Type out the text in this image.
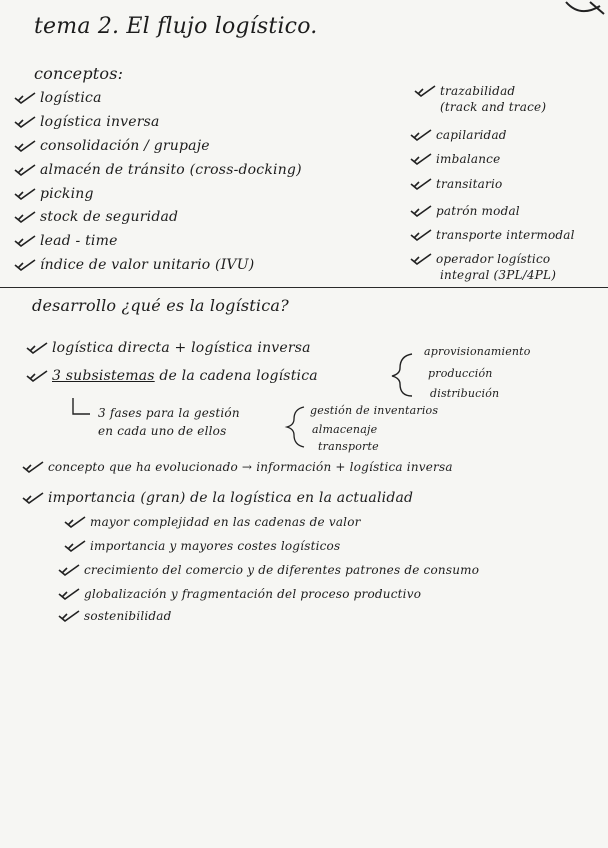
tema 2. El flujo logístico.
conceptos:
logística
logística inversa
consolidación / grupaje
almacén de tránsito (cross-docking)
picking
stock de seguridad
lead - time
índice de valor unitario (IVU)
trazabilidad
(track and trace)
capilaridad
imbalance
transitario
patrón modal
transporte intermodal
operador logístico
integral (3PL/4PL)
desarrollo ¿qué es la logística?
logística directa + logística inversa
3 subsistemas
de la cadena logística
aprovisionamiento
producción
distribución
3 fases para la gestión
en cada uno de ellos
gestión de inventarios
almacenaje
transporte
concepto que ha evolucionado → información + logística inversa
importancia (gran) de la logística en la actualidad
mayor complejidad en las cadenas de valor
importancia y mayores costes logísticos
crecimiento del comercio y de diferentes patrones de consumo
globalización y fragmentación del proceso productivo
sostenibilidad
